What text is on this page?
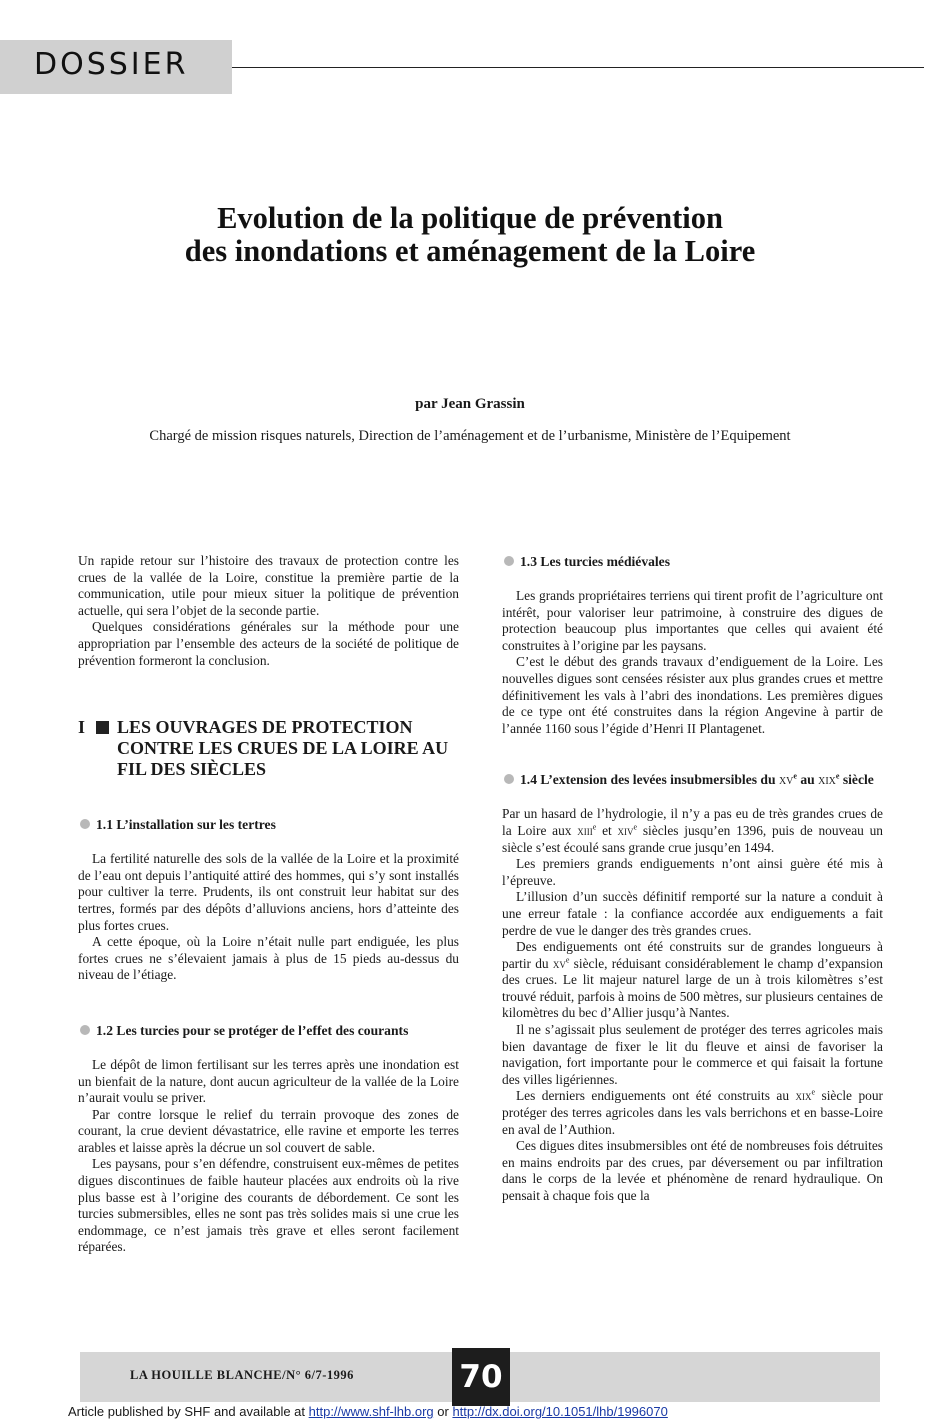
DOSSIER
Evolution de la politique de prévention
des inondations et aménagement de la Loire

par Jean Grassin

Chargé de mission risques naturels, Direction de l’aménagement et de l’urbanisme, Ministère de l’Equipement

Un rapide retour sur l’histoire des travaux de protection contre les crues de la vallée de la Loire, constitue la première partie de la communication, utile pour mieux situer la politique de prévention actuelle, qui sera l’objet de la seconde partie.

Quelques considérations générales sur la méthode pour une appropriation par l’ensemble des acteurs de la société de politique de prévention formeront la conclusion.

I	LES OUVRAGES DE PROTECTION CONTRE LES CRUES DE LA LOIRE AU FIL DES SIÈCLES
1.1 L’installation sur les tertres

La fertilité naturelle des sols de la vallée de la Loire et la proximité de l’eau ont depuis l’antiquité attiré des hommes, qui s’y sont installés pour cultiver la terre. Prudents, ils ont construit leur habitat sur des tertres, formés par des dépôts d’alluvions anciens, hors d’atteinte des plus fortes crues.

A cette époque, où la Loire n’était nulle part endiguée, les plus fortes crues ne s’élevaient jamais à plus de 15 pieds au-dessus du niveau de l’étiage.

1.2 Les turcies pour se protéger de l’effet des courants

Le dépôt de limon fertilisant sur les terres après une inondation est un bienfait de la nature, dont aucun agriculteur de la vallée de la Loire n’aurait voulu se priver.

Par contre lorsque le relief du terrain provoque des zones de courant, la crue devient dévastatrice, elle ravine et emporte les terres arables et laisse après la décrue un sol couvert de sable.

Les paysans, pour s’en défendre, construisent eux-mêmes de petites digues discontinues de faible hauteur placées aux endroits où la rive plus basse est à l’origine des courants de débordement. Ce sont les turcies submersibles, elles ne sont pas très solides mais si une crue les endommage, ce n’est jamais très grave et elles seront facilement réparées.

1.3 Les turcies médiévales

Les grands propriétaires terriens qui tirent profit de l’agriculture ont intérêt, pour valoriser leur patrimoine, à construire des digues de protection beaucoup plus importantes que celles qui avaient été construites à l’origine par les paysans.

C’est le début des grands travaux d’endiguement de la Loire. Les nouvelles digues sont censées résister aux plus grandes crues et mettre définitivement les vals à l’abri des inondations. Les premières digues de ce type ont été construites dans la région Angevine à partir de l’année 1160 sous l’égide d’Henri II Plantagenet.

1.4 L’extension des levées insubmersibles du $xv^e$ au xix$^e$ siècle

Par un hasard de l’hydrologie, il n’y a pas eu de très grandes crues de la Loire aux xiii$^e$ et xiv$^e$ siècles jusqu’en 1396, puis de nouveau un siècle s’est écoulé sans grande crue jusqu’en 1494.

Les premiers grands endiguements n’ont ainsi guère été mis à l’épreuve.

L’illusion d’un succès définitif remporté sur la nature a conduit à une erreur fatale : la confiance accordée aux endiguements a fait perdre de vue le danger des très grandes crues.

Des endiguements ont été construits sur de grandes longueurs à partir du $xv^e$ siècle, réduisant considérablement le champ d’expansion des crues. Le lit majeur naturel large de un à trois kilomètres s’est trouvé réduit, parfois à moins de 500 mètres, sur plusieurs centaines de kilomètres du bec d’Allier jusqu’à Nantes.

Il ne s’agissait plus seulement de protéger des terres agricoles mais bien davantage de fixer le lit du fleuve et ainsi de favoriser la navigation, fort importante pour le commerce et qui faisait la fortune des villes ligériennes.

Les derniers endiguements ont été construits au xix$^e$ siècle pour protéger des terres agricoles dans les vals berrichons et en basse-Loire en aval de l’Authion.

Ces digues dites insubmersibles ont été de nombreuses fois détruites en mains endroits par des crues, par déversement ou par infiltration dans le corps de la levée et phénomène de renard hydraulique. On pensait à chaque fois que la

LA HOUILLE BLANCHE/N° 6/7-1996	70
Article published by SHF and available at http://www.shf-lhb.org or http://dx.doi.org/10.1051/lhb/1996070
